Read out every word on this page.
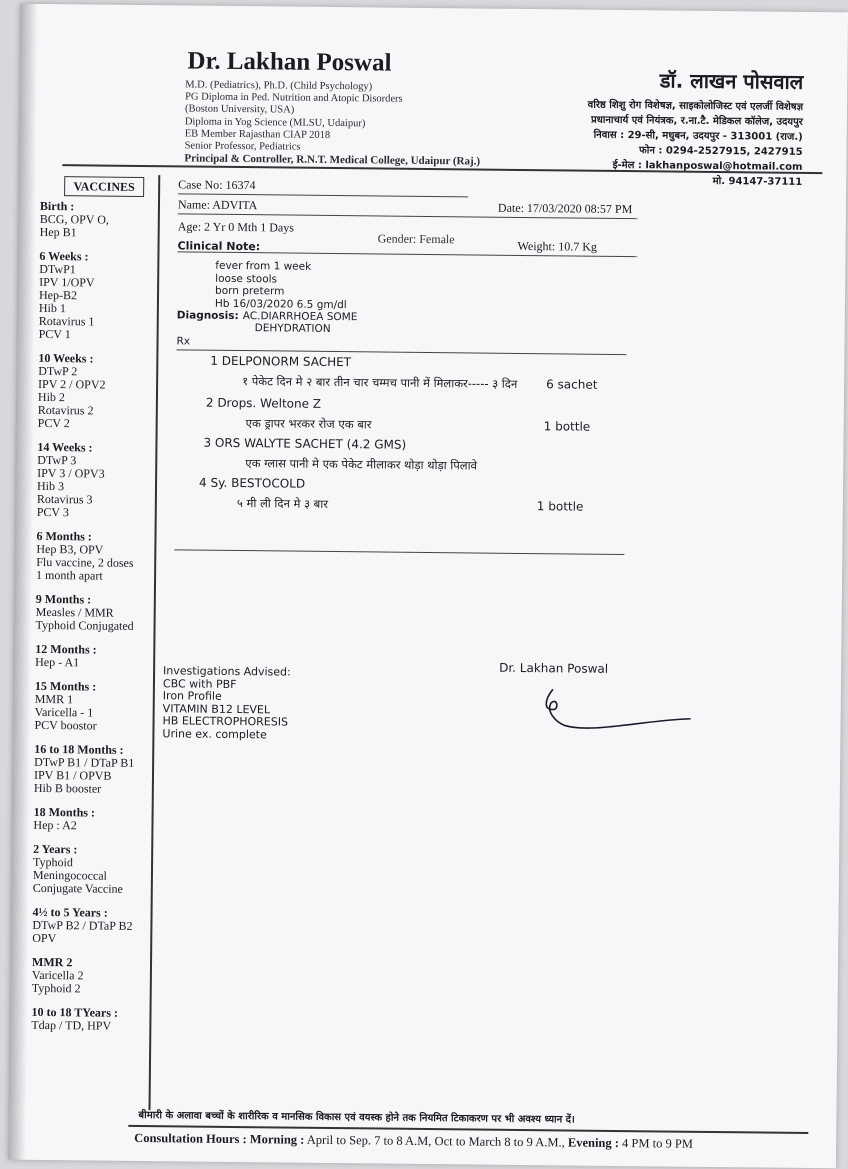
Dr. Lakhan Poswal
M.D. (Pediatrics), Ph.D. (Child Psychology)
PG Diploma in Ped. Nutrition and Atopic Disorders
(Boston University, USA)
Diploma in Yog Science (MLSU, Udaipur)
EB Member Rajasthan CIAP 2018
Senior Professor, Pediatrics
Principal & Controller, R.N.T. Medical College, Udaipur (Raj.)
डॉ. लाखन पोसवाल
वरिष्ठ शिशु रोग विशेषज्ञ, साइकोलोजिस्ट एवं एलर्जी विशेषज्ञ
प्रधानाचार्य एवं नियंत्रक, र.ना.टै. मेडिकल कॉलेज, उदयपुर
निवास : 29-सी, मधुबन, उदयपुर - 313001 (राज.)
फोन : 0294-2527915, 2427915
ई-मेल : lakhanposwal@hotmail.com
मो. 94147-37111
VACCINES
Birth :
BCG, OPV O,
Hep B1
6 Weeks :
DTwP1
IPV 1/OPV
Hep-B2
Hib 1
Rotavirus 1
PCV 1
10 Weeks :
DTwP 2
IPV 2 / OPV2
Hib 2
Rotavirus 2
PCV 2
14 Weeks :
DTwP 3
IPV 3 / OPV3
Hib 3
Rotavirus 3
PCV 3
6 Months :
Hep B3, OPV
Flu vaccine, 2 doses
1 month apart
9 Months :
Measles / MMR
Typhoid Conjugated
12 Months :
Hep - A1
15 Months :
MMR 1
Varicella - 1
PCV boostor
16 to 18 Months :
DTwP B1 / DTaP B1
IPV B1 / OPVB
Hib B booster
18 Months :
Hep : A2
2 Years :
Typhoid
Meningococcal
Conjugate Vaccine
4½ to 5 Years :
DTwP B2 / DTaP B2
OPV
MMR 2
Varicella 2
Typhoid 2
10 to 18 TYears :
Tdap / TD, HPV
Case No: 16374
Name: ADVITA	Date: 17/03/2020 08:57 PM
Age: 2 Yr 0 Mth 1 Days
Gender: Female
Weight: 10.7 Kg
Clinical Note:
fever from 1 week
loose stools
born preterm
Hb 16/03/2020 6.5 gm/dl
Diagnosis: AC.DIARRHOEA SOME
DEHYDRATION
Rx
1 DELPONORM SACHET
6 sachet
१ पेकेट दिन मे २ बार तीन चार चम्मच पानी में मिलाकर----- ३ दिन
2 Drops. Weltone Z
1 bottle
एक ड्रापर भरकर रोज एक बार
3 ORS WALYTE SACHET (4.2 GMS)
एक ग्लास पानी मे एक पेकेट मीलाकर थोड़ा थोड़ा पिलावे
4 Sy. BESTOCOLD
1 bottle
५ मी ली दिन मे ३ बार
Investigations Advised:
CBC with PBF
Iron Profile
VITAMIN B12 LEVEL
HB ELECTROPHORESIS
Urine ex. complete
Dr. Lakhan Poswal
बीमारी के अलावा बच्चों के शारीरिक व मानसिक विकास एवं वयस्क होने तक नियमित टिकाकरण पर भी अवश्य ध्यान दें।
Consultation Hours : Morning : April to Sep. 7 to 8 A.M, Oct to March 8 to 9 A.M., Evening : 4 PM to 9 PM
